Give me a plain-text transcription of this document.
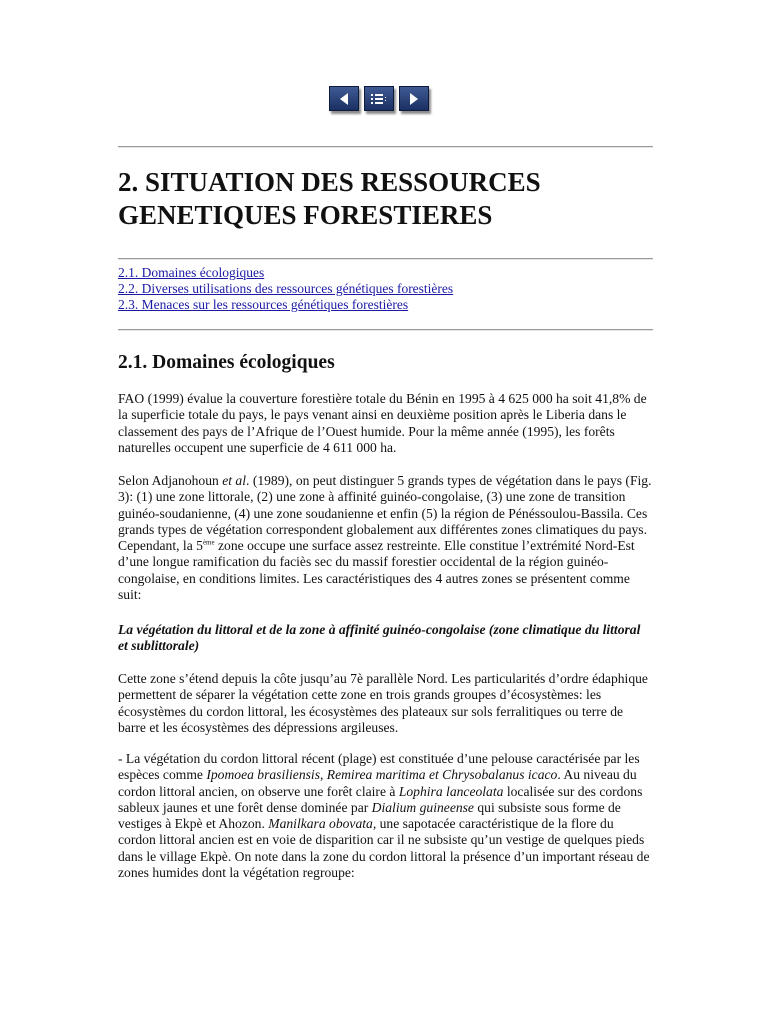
2. SITUATION DES RESSOURCES GENETIQUES FORESTIERES
2.1. Domaines écologiques
2.2. Diverses utilisations des ressources génétiques forestières
2.3. Menaces sur les ressources génétiques forestières
2.1. Domaines écologiques

FAO (1999) évalue la couverture forestière totale du Bénin en 1995 à 4 625 000 ha soit 41,8% de la superficie totale du pays, le pays venant ainsi en deuxième position après le Liberia dans le classement des pays de l’Afrique de l’Ouest humide. Pour la même année (1995), les forêts naturelles occupent une superficie de 4 611 000 ha.

Selon Adjanohoun et al. (1989), on peut distinguer 5 grands types de végétation dans le pays (Fig. 3): (1) une zone littorale, (2) une zone à affinité guinéo-congolaise, (3) une zone de transition guinéo-soudanienne, (4) une zone soudanienne et enfin (5) la région de Pénéssoulou-Bassila. Ces grands types de végétation correspondent globalement aux différentes zones climatiques du pays. Cependant, la 5ème zone occupe une surface assez restreinte. Elle constitue l’extrémité Nord-Est d’une longue ramification du faciès sec du massif forestier occidental de la région guinéo-congolaise, en conditions limites. Les caractéristiques des 4 autres zones se présentent comme suit:

La végétation du littoral et de la zone à affinité guinéo-congolaise (zone climatique du littoral et sublittorale)

Cette zone s’étend depuis la côte jusqu’au 7è parallèle Nord. Les particularités d’ordre édaphique permettent de séparer la végétation cette zone en trois grands groupes d’écosystèmes: les écosystèmes du cordon littoral, les écosystèmes des plateaux sur sols ferralitiques ou terre de barre et les écosystèmes des dépressions argileuses.

- La végétation du cordon littoral récent (plage) est constituée d’une pelouse caractérisée par les espèces comme Ipomoea brasiliensis, Remirea maritima et Chrysobalanus icaco. Au niveau du cordon littoral ancien, on observe une forêt claire à Lophira lanceolata localisée sur des cordons sableux jaunes et une forêt dense dominée par Dialium guineense qui subsiste sous forme de vestiges à Ekpè et Ahozon. Manilkara obovata, une sapotacée caractéristique de la flore du cordon littoral ancien est en voie de disparition car il ne subsiste qu’un vestige de quelques pieds dans le village Ekpè. On note dans la zone du cordon littoral la présence d’un important réseau de zones humides dont la végétation regroupe:
